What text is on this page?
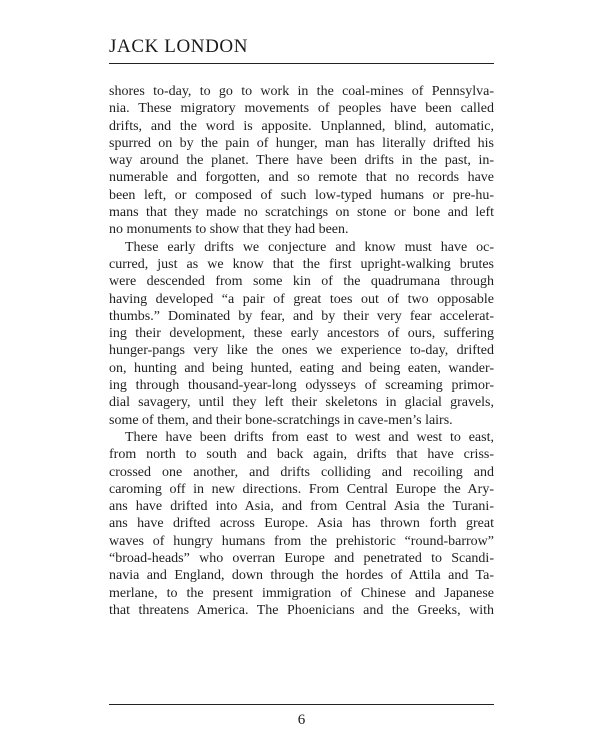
JACK LONDON
shores to-day, to go to work in the coal-mines of Pennsylva-
nia. These migratory movements of peoples have been called
drifts, and the word is apposite. Unplanned, blind, automatic,
spurred on by the pain of hunger, man has literally drifted his
way around the planet. There have been drifts in the past, in-
numerable and forgotten, and so remote that no records have
been left, or composed of such low-typed humans or pre-hu-
mans that they made no scratchings on stone or bone and left
no monuments to show that they had been.
These early drifts we conjecture and know must have oc-
curred, just as we know that the first upright-walking brutes
were descended from some kin of the quadrumana through
having developed “a pair of great toes out of two opposable
thumbs.” Dominated by fear, and by their very fear accelerat-
ing their development, these early ancestors of ours, suffering
hunger-pangs very like the ones we experience to-day, drifted
on, hunting and being hunted, eating and being eaten, wander-
ing through thousand-year-long odysseys of screaming primor-
dial savagery, until they left their skeletons in glacial gravels,
some of them, and their bone-scratchings in cave-men’s lairs.
There have been drifts from east to west and west to east,
from north to south and back again, drifts that have criss-
crossed one another, and drifts colliding and recoiling and
caroming off in new directions. From Central Europe the Ary-
ans have drifted into Asia, and from Central Asia the Turani-
ans have drifted across Europe. Asia has thrown forth great
waves of hungry humans from the prehistoric “round-barrow”
“broad-heads” who overran Europe and penetrated to Scandi-
navia and England, down through the hordes of Attila and Ta-
merlane, to the present immigration of Chinese and Japanese
that threatens America. The Phoenicians and the Greeks, with
6
